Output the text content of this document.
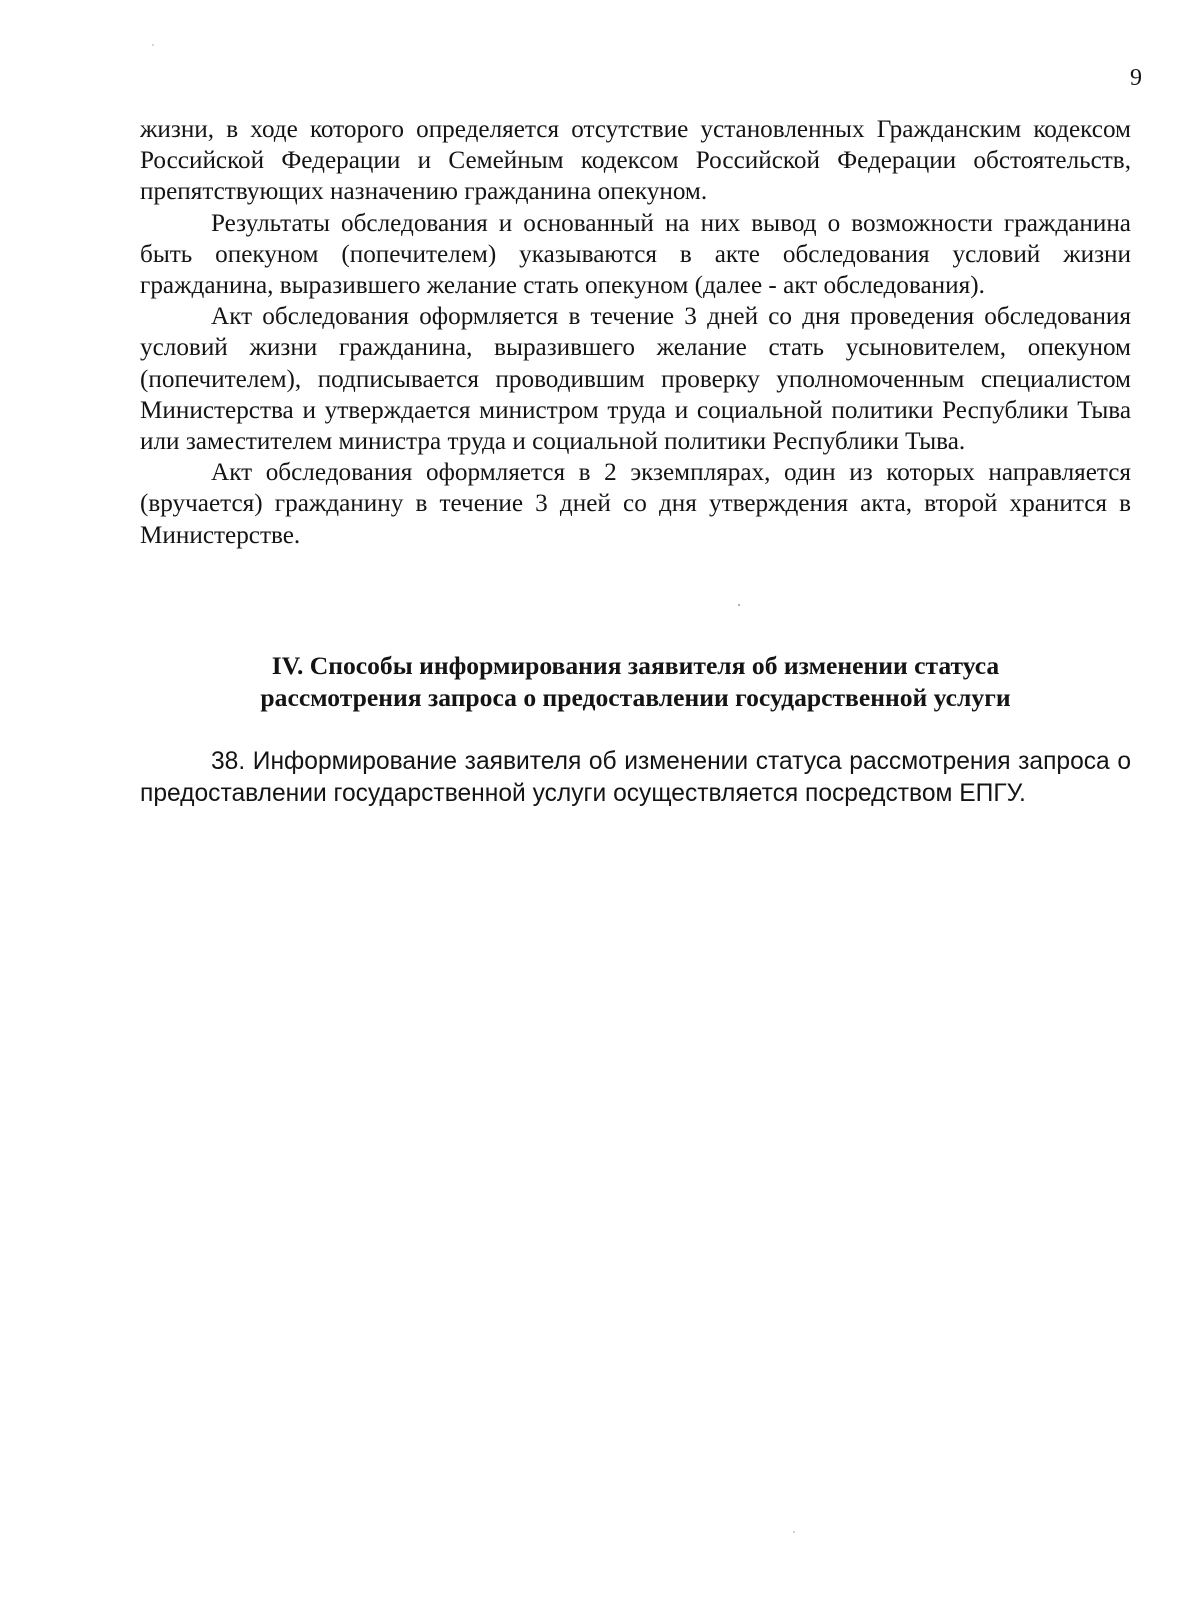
9

жизни, в ходе которого определяется отсутствие установленных Гражданским кодексом Российской Федерации и Семейным кодексом Российской Федерации обстоятельств, препятствующих назначению гражданина опекуном.

Результаты обследования и основанный на них вывод о возможности гражданина быть опекуном (попечителем) указываются в акте обследования условий жизни гражданина, выразившего желание стать опекуном (далее - акт обследования).

Акт обследования оформляется в течение 3 дней со дня проведения обследования условий жизни гражданина, выразившего желание стать усыновителем, опекуном (попечителем), подписывается проводившим проверку уполномоченным специалистом Министерства и утверждается министром труда и социальной политики Республики Тыва или заместителем министра труда и социальной политики Республики Тыва.

Акт обследования оформляется в 2 экземплярах, один из которых направляется (вручается) гражданину в течение 3 дней со дня утверждения акта, второй хранится в Министерстве.

IV. Способы информирования заявителя об изменении статуса
рассмотрения запроса о предоставлении государственной услуги

38. Информирование заявителя об изменении статуса рассмотрения запроса о предоставлении государственной услуги осуществляется посредством ЕПГУ.
